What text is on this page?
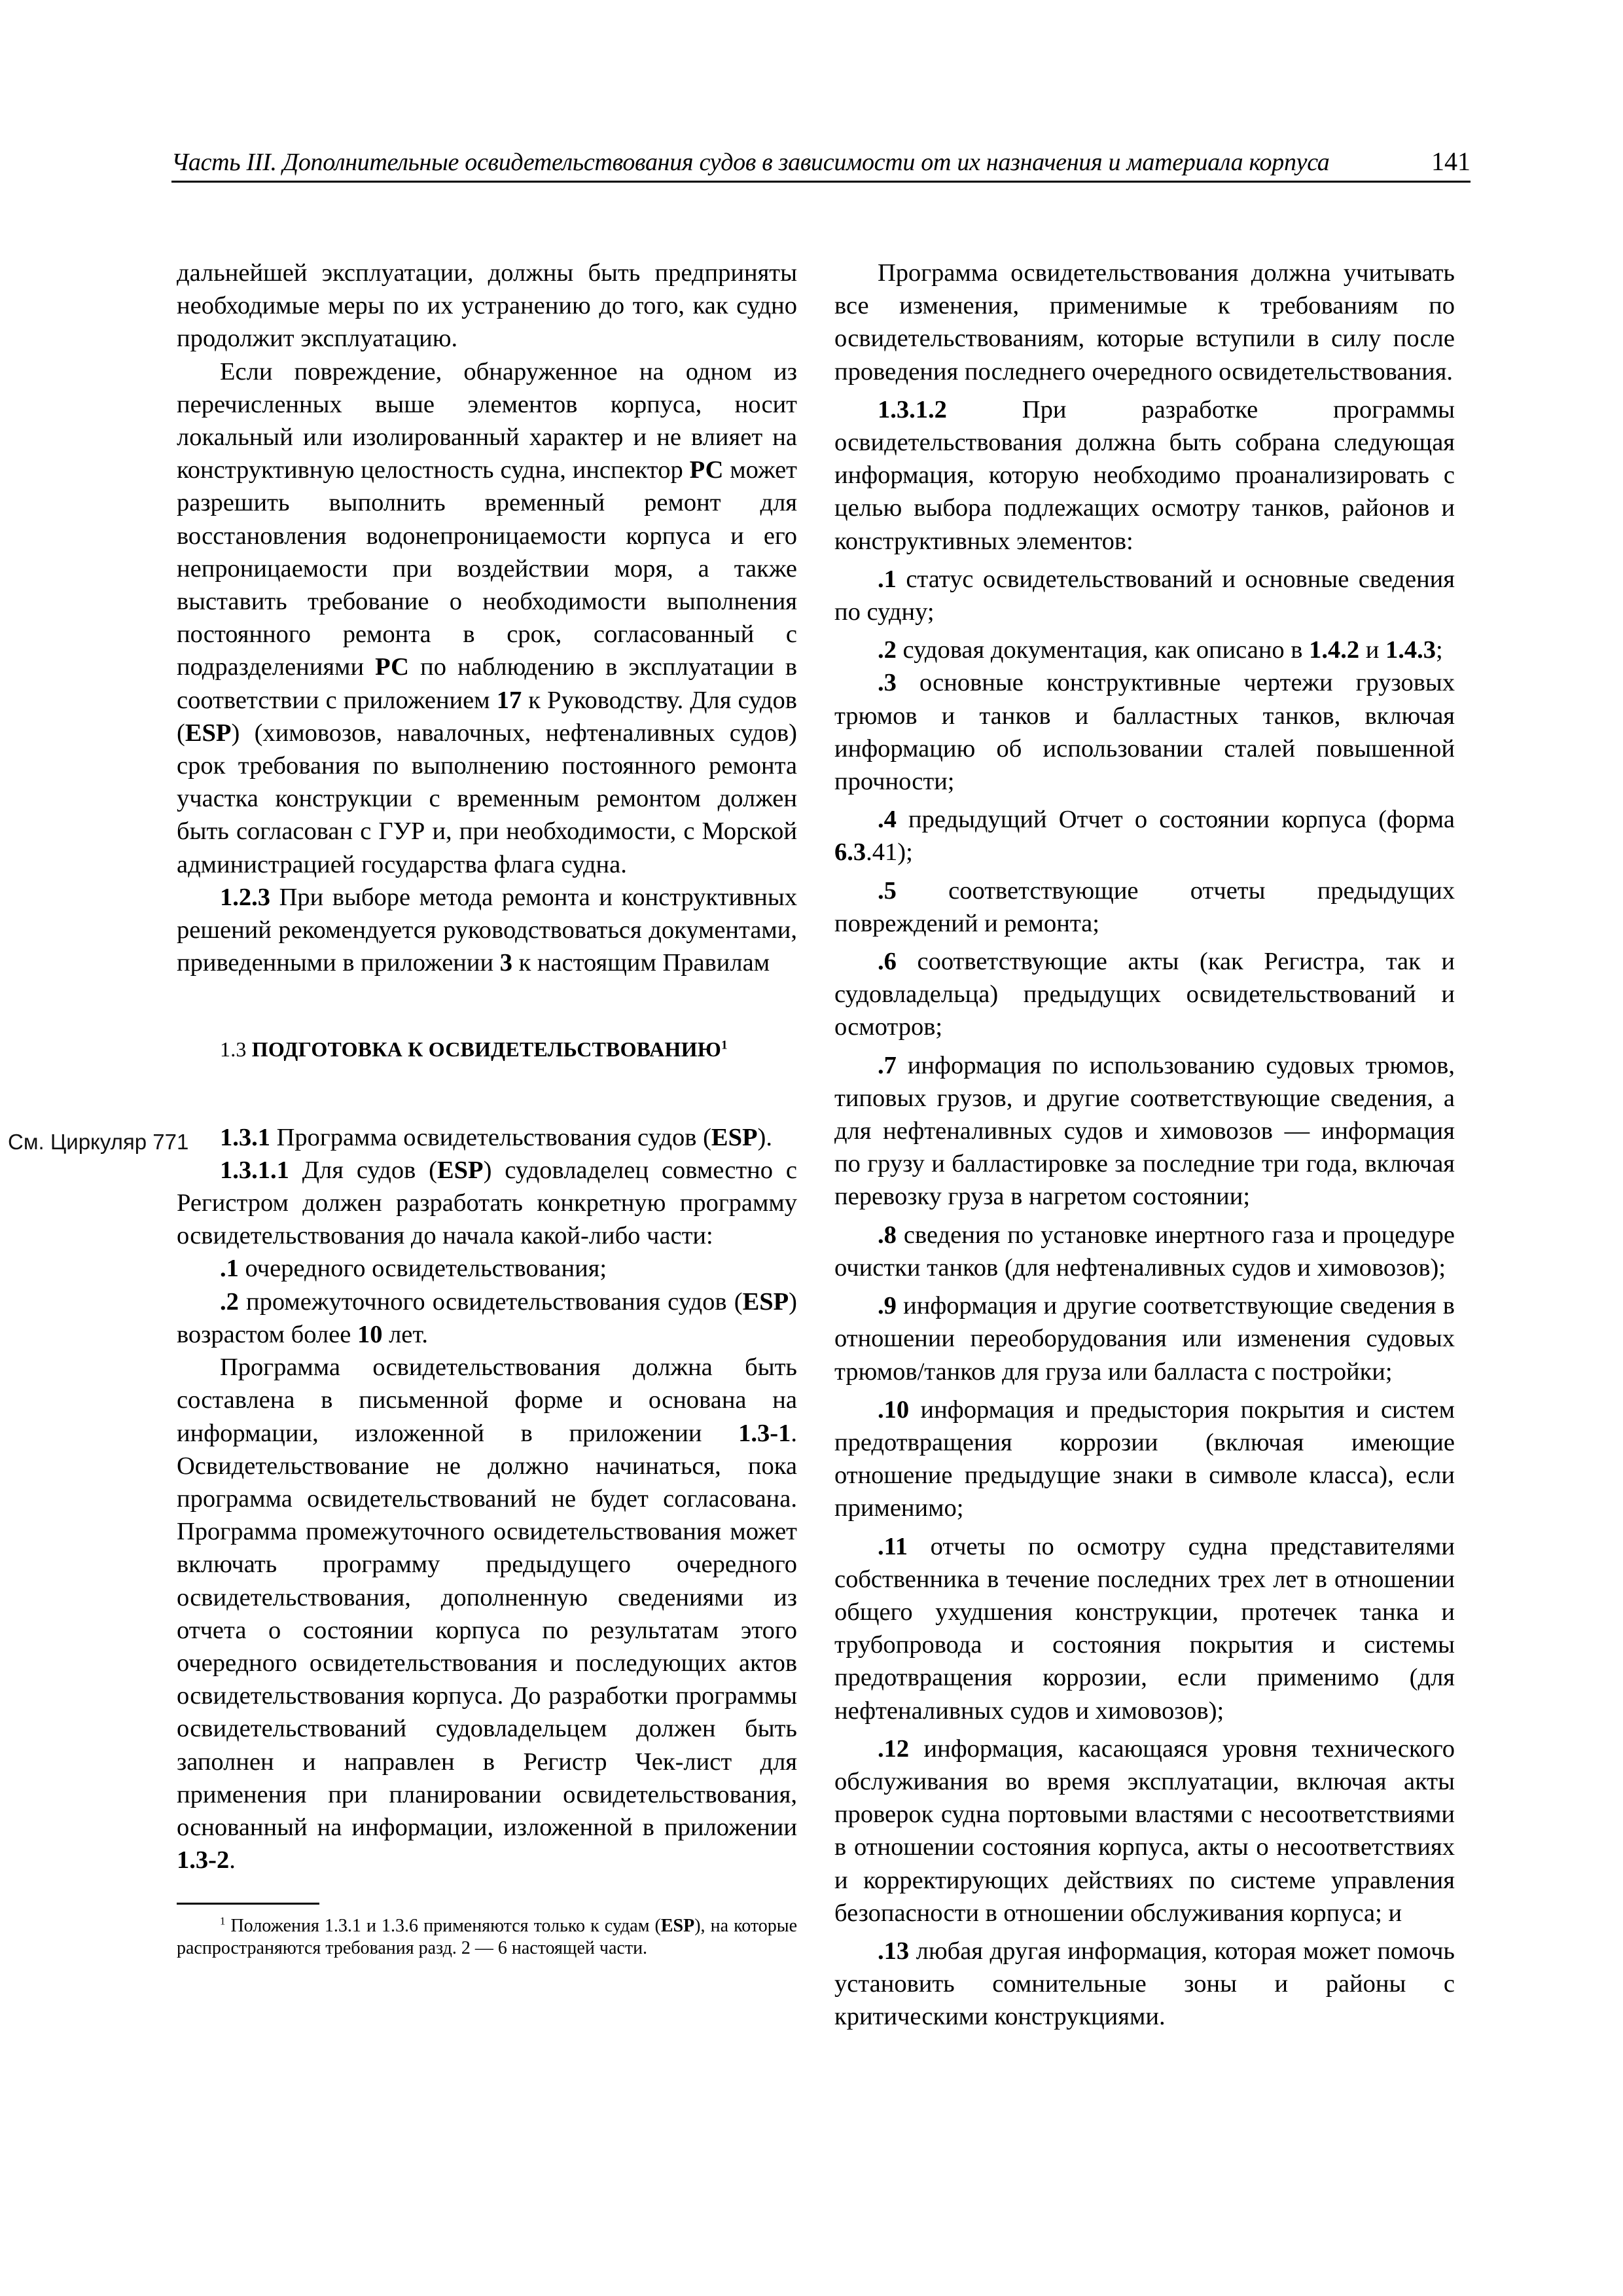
Часть III. Дополнительные освидетельствования судов в зависимости от их назначения и материала корпуса	141
См. Циркуляр 771

дальнейшей эксплуатации, должны быть предприняты необходимые меры по их устранению до того, как судно продолжит эксплуатацию.

Если повреждение, обнаруженное на одном из перечисленных выше элементов корпуса, носит локальный или изолированный характер и не влияет на конструктивную целостность судна, инспектор РС может разрешить выполнить временный ремонт для восстановления водонепроницаемости корпуса и его непроницаемости при воздействии моря, а также выставить требование о необходимости выполнения постоянного ремонта в срок, согласованный с подразделениями РС по наблюдению в эксплуатации в соответствии с приложением 17 к Руководству. Для судов (ESP) (химовозов, навалочных, нефтеналивных судов) срок требования по выполнению постоянного ремонта участка конструкции с временным ремонтом должен быть согласован с ГУР и, при необходимости, с Морской администрацией государства флага судна.

1.2.3 При выборе метода ремонта и конструктивных решений рекомендуется руководствоваться документами, приведенными в приложении 3 к настоящим Правилам

1.3 ПОДГОТОВКА К ОСВИДЕТЕЛЬСТВОВАНИЮ$^1$

1.3.1 Программа освидетельствования судов (ESP).

1.3.1.1 Для судов (ESP) судовладелец совместно с Регистром должен разработать конкретную программу освидетельствования до начала какой-либо части:

.1 очередного освидетельствования;

.2 промежуточного освидетельствования судов (ESP) возрастом более 10 лет.

Программа освидетельствования должна быть составлена в письменной форме и основана на информации, изложенной в приложении 1.3-1. Освидетельствование не должно начинаться, пока программа освидетельствований не будет согласована. Программа промежуточного освидетельствования может включать программу предыдущего очередного освидетельствования, дополненную сведениями из отчета о состоянии корпуса по результатам этого очередного освидетельствования и последующих актов освидетельствования корпуса. До разработки программы освидетельствований судовладельцем должен быть заполнен и направлен в Регистр Чек-лист для применения при планировании освидетельствования, основанный на информации, изложенной в приложении 1.3-2.

$^1$ Положения 1.3.1 и 1.3.6 применяются только к судам (ESP), на которые распространяются требования разд. 2 — 6 настоящей части.

Программа освидетельствования должна учитывать все изменения, применимые к требованиям по освидетельствованиям, которые вступили в силу после проведения последнего очередного освидетельствования.

1.3.1.2 При разработке программы освидетельствования должна быть собрана следующая информация, которую необходимо проанализировать с целью выбора подлежащих осмотру танков, районов и конструктивных элементов:

.1 статус освидетельствований и основные сведения по судну;

.2 судовая документация, как описано в 1.4.2 и 1.4.3;

.3 основные конструктивные чертежи грузовых трюмов и танков и балластных танков, включая информацию об использовании сталей повышенной прочности;

.4 предыдущий Отчет о состоянии корпуса (форма 6.3.41);

.5 соответствующие отчеты предыдущих повреждений и ремонта;

.6 соответствующие акты (как Регистра, так и судовладельца) предыдущих освидетельствований и осмотров;

.7 информация по использованию судовых трюмов, типовых грузов, и другие соответствующие сведения, а для нефтеналивных судов и химовозов — информация по грузу и балластировке за последние три года, включая перевозку груза в нагретом состоянии;

.8 сведения по установке инертного газа и процедуре очистки танков (для нефтеналивных судов и химовозов);

.9 информация и другие соответствующие сведения в отношении переоборудования или изменения судовых трюмов/танков для груза или балласта с постройки;

.10 информация и предыстория покрытия и систем предотвращения коррозии (включая имеющие отношение предыдущие знаки в символе класса), если применимо;

.11 отчеты по осмотру судна представителями собственника в течение последних трех лет в отношении общего ухудшения конструкции, протечек танка и трубопровода и состояния покрытия и системы предотвращения коррозии, если применимо (для нефтеналивных судов и химовозов);

.12 информация, касающаяся уровня технического обслуживания во время эксплуатации, включая акты проверок судна портовыми властями с несоответствиями в отношении состояния корпуса, акты о несоответствиях и корректирующих действиях по системе управления безопасности в отношении обслуживания корпуса; и

.13 любая другая информация, которая может помочь установить сомнительные зоны и районы с критическими конструкциями.
